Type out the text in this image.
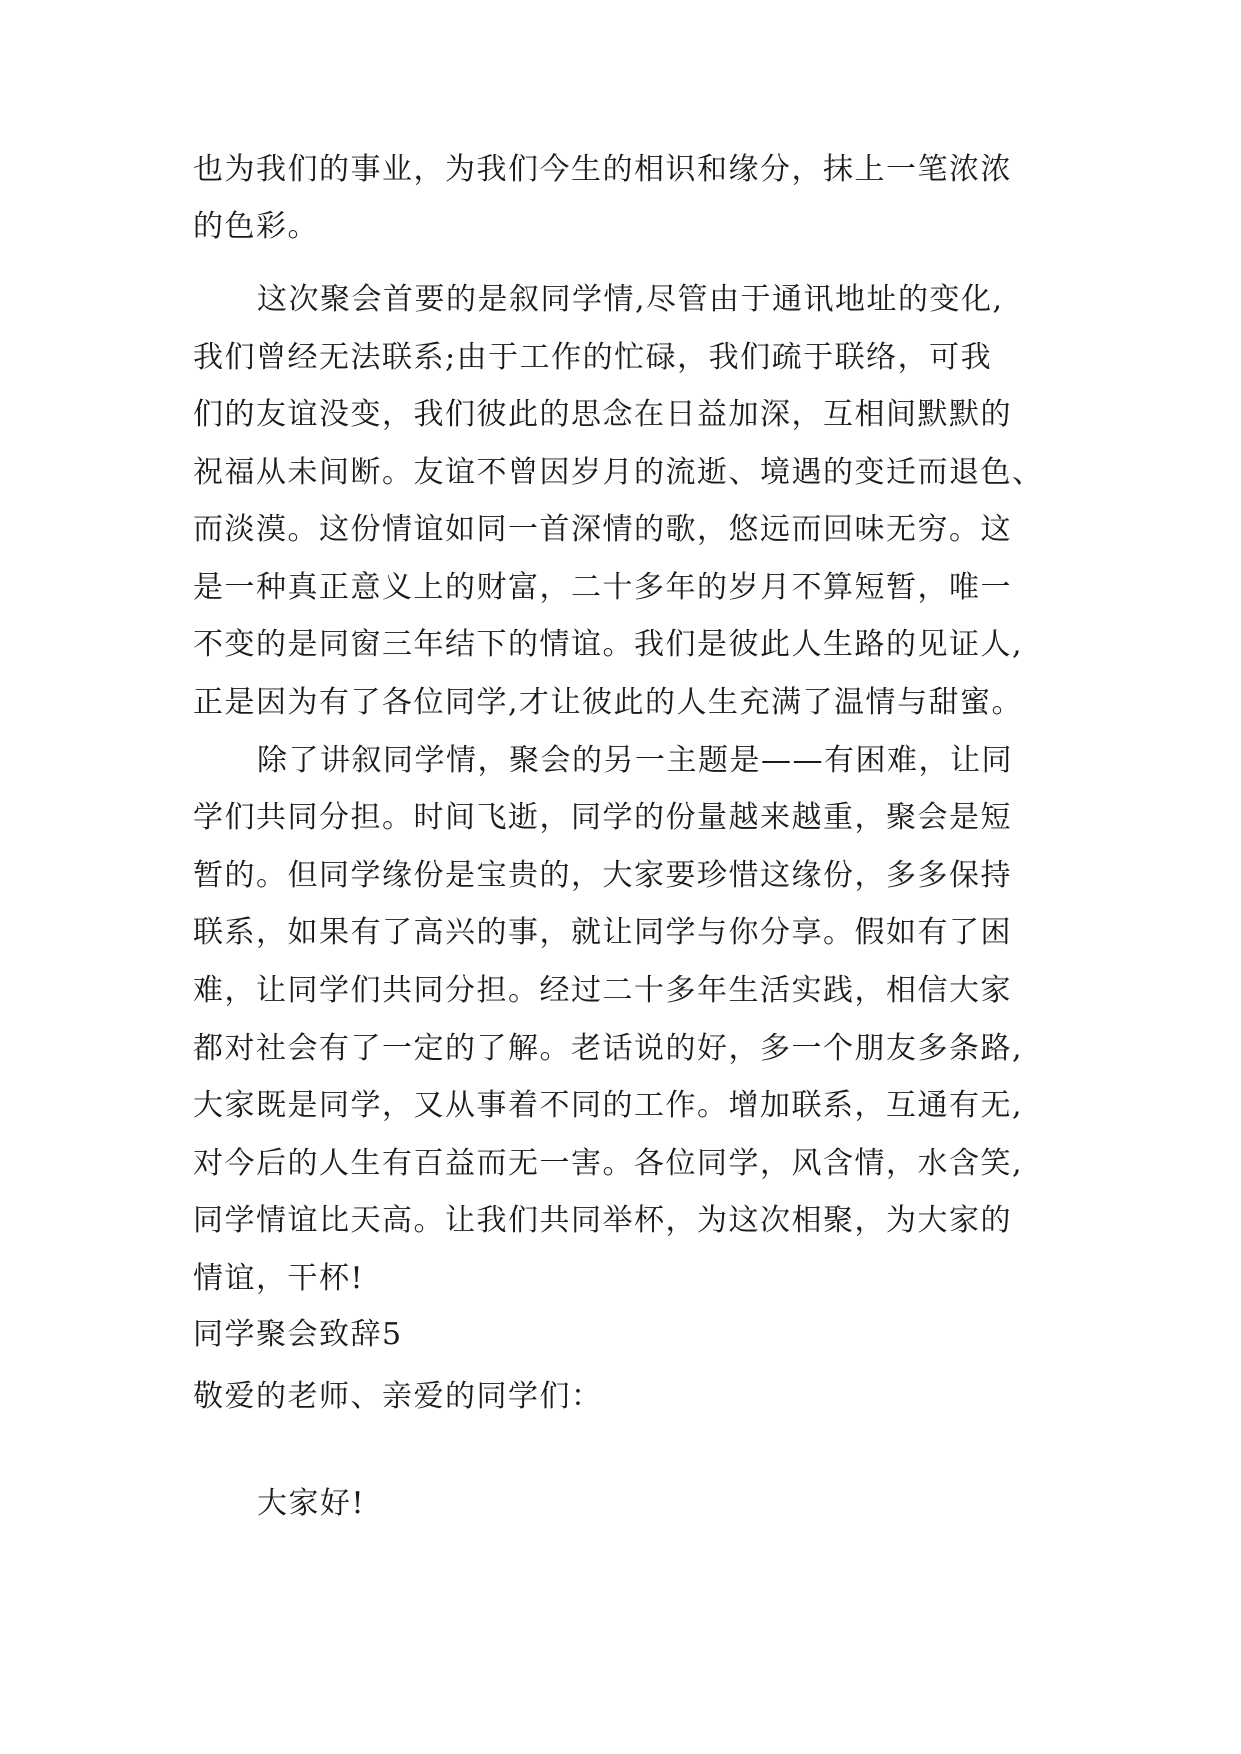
也为我们的事业，为我们今生的相识和缘分，抹上一笔浓浓
的色彩。
这次聚会首要的是叙同学情,尽管由于通讯地址的变化,
我们曾经无法联系;由于工作的忙碌，我们疏于联络，可我
们的友谊没变，我们彼此的思念在日益加深，互相间默默的
祝福从未间断。友谊不曾因岁月的流逝、境遇的变迁而退色、
而淡漠。这份情谊如同一首深情的歌，悠远而回味无穷。这
是一种真正意义上的财富，二十多年的岁月不算短暂，唯一
不变的是同窗三年结下的情谊。我们是彼此人生路的见证人,
正是因为有了各位同学,才让彼此的人生充满了温情与甜蜜。
除了讲叙同学情，聚会的另一主题是——有困难，让同
学们共同分担。时间飞逝，同学的份量越来越重，聚会是短
暂的。但同学缘份是宝贵的，大家要珍惜这缘份，多多保持
联系，如果有了高兴的事，就让同学与你分享。假如有了困
难，让同学们共同分担。经过二十多年生活实践，相信大家
都对社会有了一定的了解。老话说的好，多一个朋友多条路,
大家既是同学，又从事着不同的工作。增加联系，互通有无,
对今后的人生有百益而无一害。各位同学，风含情，水含笑,
同学情谊比天高。让我们共同举杯，为这次相聚，为大家的
情谊，干杯!
同学聚会致辞5
敬爱的老师、亲爱的同学们：
大家好!
